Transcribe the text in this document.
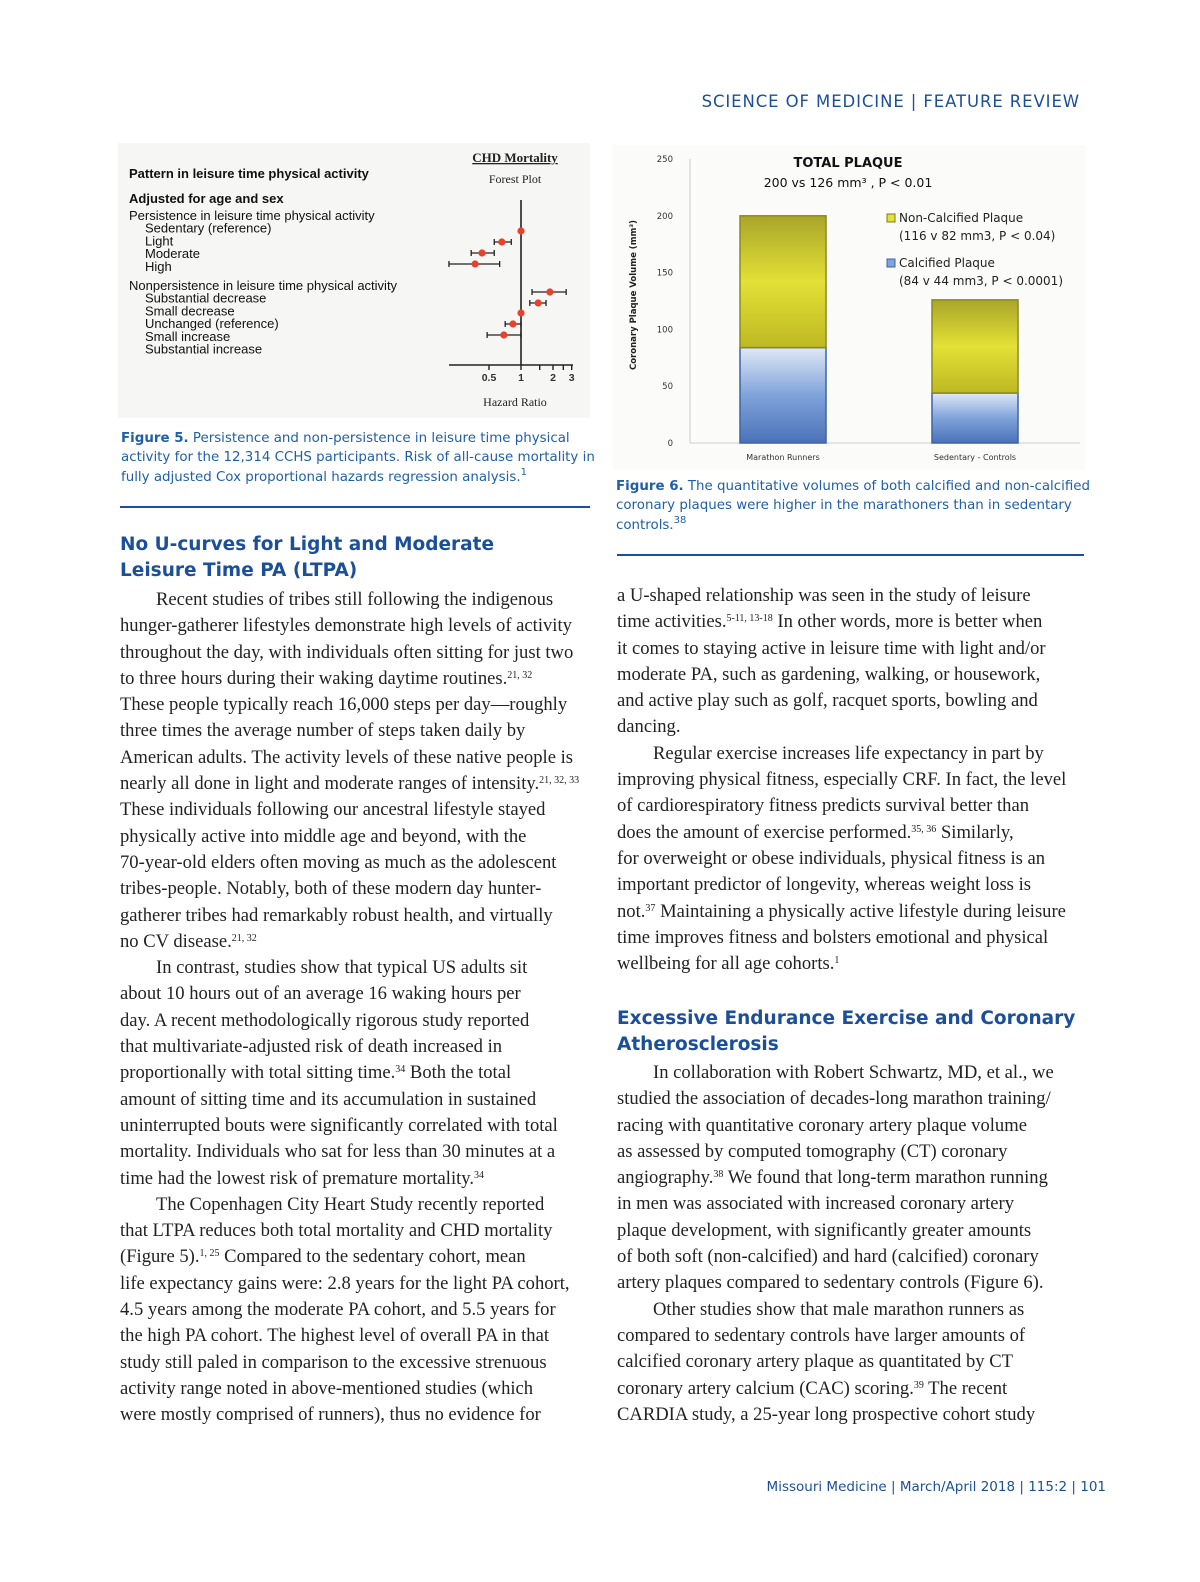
SCIENCE OF MEDICINE | FEATURE REVIEW
Pattern in leisure time physical activity
Adjusted for age and sex
Persistence in leisure time physical activity
Sedentary (reference)
Light
Moderate
High
Nonpersistence in leisure time physical activity
Substantial decrease
Small decrease
Unchanged (reference)
Small increase
Substantial increase
CHD Mortality
Forest Plot
0.5 1 2 3
Hazard Ratio
Figure 5. Persistence and non-persistence in leisure time physical
activity for the 12,314 CCHS participants. Risk of all-cause mortality in
fully adjusted Cox proportional hazards regression analysis.$^1$
0
50
100
150
200
250
Coronary Plaque Volume (mm³)
TOTAL PLAQUE
200 vs 126 mm³ , P < 0.01
Marathon Runners	Sedentary - Controls
Non-Calcified Plaque
(116 v 82 mm3, P < 0.04)
Calcified Plaque
(84 v 44 mm3, P < 0.0001)
Figure 6. The quantitative volumes of both calcified and non-calcified
coronary plaques were higher in the marathoners than in sedentary
controls.$^{38}$
No U-curves for Light and Moderate
Leisure Time PA (LTPA)
Recent studies of tribes still following the indigenous
hunger-gatherer lifestyles demonstrate high levels of activity
throughout the day, with individuals often sitting for just two
to three hours during their waking daytime routines.$^{21, 32}$
These people typically reach 16,000 steps per day—roughly
three times the average number of steps taken daily by
American adults. The activity levels of these native people is
nearly all done in light and moderate ranges of intensity.$^{21, 32, 33}$
These individuals following our ancestral lifestyle stayed
physically active into middle age and beyond, with the
70-year-old elders often moving as much as the adolescent
tribes-people. Notably, both of these modern day hunter-
gatherer tribes had remarkably robust health, and virtually
no CV disease.$^{21, 32}$
In contrast, studies show that typical US adults sit
about 10 hours out of an average 16 waking hours per
day. A recent methodologically rigorous study reported
that multivariate-adjusted risk of death increased in
proportionally with total sitting time.$^{34}$ Both the total
amount of sitting time and its accumulation in sustained
uninterrupted bouts were significantly correlated with total
mortality. Individuals who sat for less than 30 minutes at a
time had the lowest risk of premature mortality.$^{34}$
The Copenhagen City Heart Study recently reported
that LTPA reduces both total mortality and CHD mortality
(Figure 5).$^{1, 25}$ Compared to the sedentary cohort, mean
life expectancy gains were: 2.8 years for the light PA cohort,
4.5 years among the moderate PA cohort, and 5.5 years for
the high PA cohort. The highest level of overall PA in that
study still paled in comparison to the excessive strenuous
activity range noted in above-mentioned studies (which
were mostly comprised of runners), thus no evidence for
a U-shaped relationship was seen in the study of leisure
time activities.$^{5-11, 13-18}$ In other words, more is better when
it comes to staying active in leisure time with light and/or
moderate PA, such as gardening, walking, or housework,
and active play such as golf, racquet sports, bowling and
dancing.
Regular exercise increases life expectancy in part by
improving physical fitness, especially CRF. In fact, the level
of cardiorespiratory fitness predicts survival better than
does the amount of exercise performed.$^{35, 36}$ Similarly,
for overweight or obese individuals, physical fitness is an
important predictor of longevity, whereas weight loss is
not.$^{37}$ Maintaining a physically active lifestyle during leisure
time improves fitness and bolsters emotional and physical
wellbeing for all age cohorts.$^1$
Excessive Endurance Exercise and Coronary
Atherosclerosis
In collaboration with Robert Schwartz, MD, et al., we
studied the association of decades-long marathon training/
racing with quantitative coronary artery plaque volume
as assessed by computed tomography (CT) coronary
angiography.$^{38}$ We found that long-term marathon running
in men was associated with increased coronary artery
plaque development, with significantly greater amounts
of both soft (non-calcified) and hard (calcified) coronary
artery plaques compared to sedentary controls (Figure 6).
Other studies show that male marathon runners as
compared to sedentary controls have larger amounts of
calcified coronary artery plaque as quantitated by CT
coronary artery calcium (CAC) scoring.$^{39}$ The recent
CARDIA study, a 25-year long prospective cohort study
Missouri Medicine | March/April 2018 | 115:2 | 101
